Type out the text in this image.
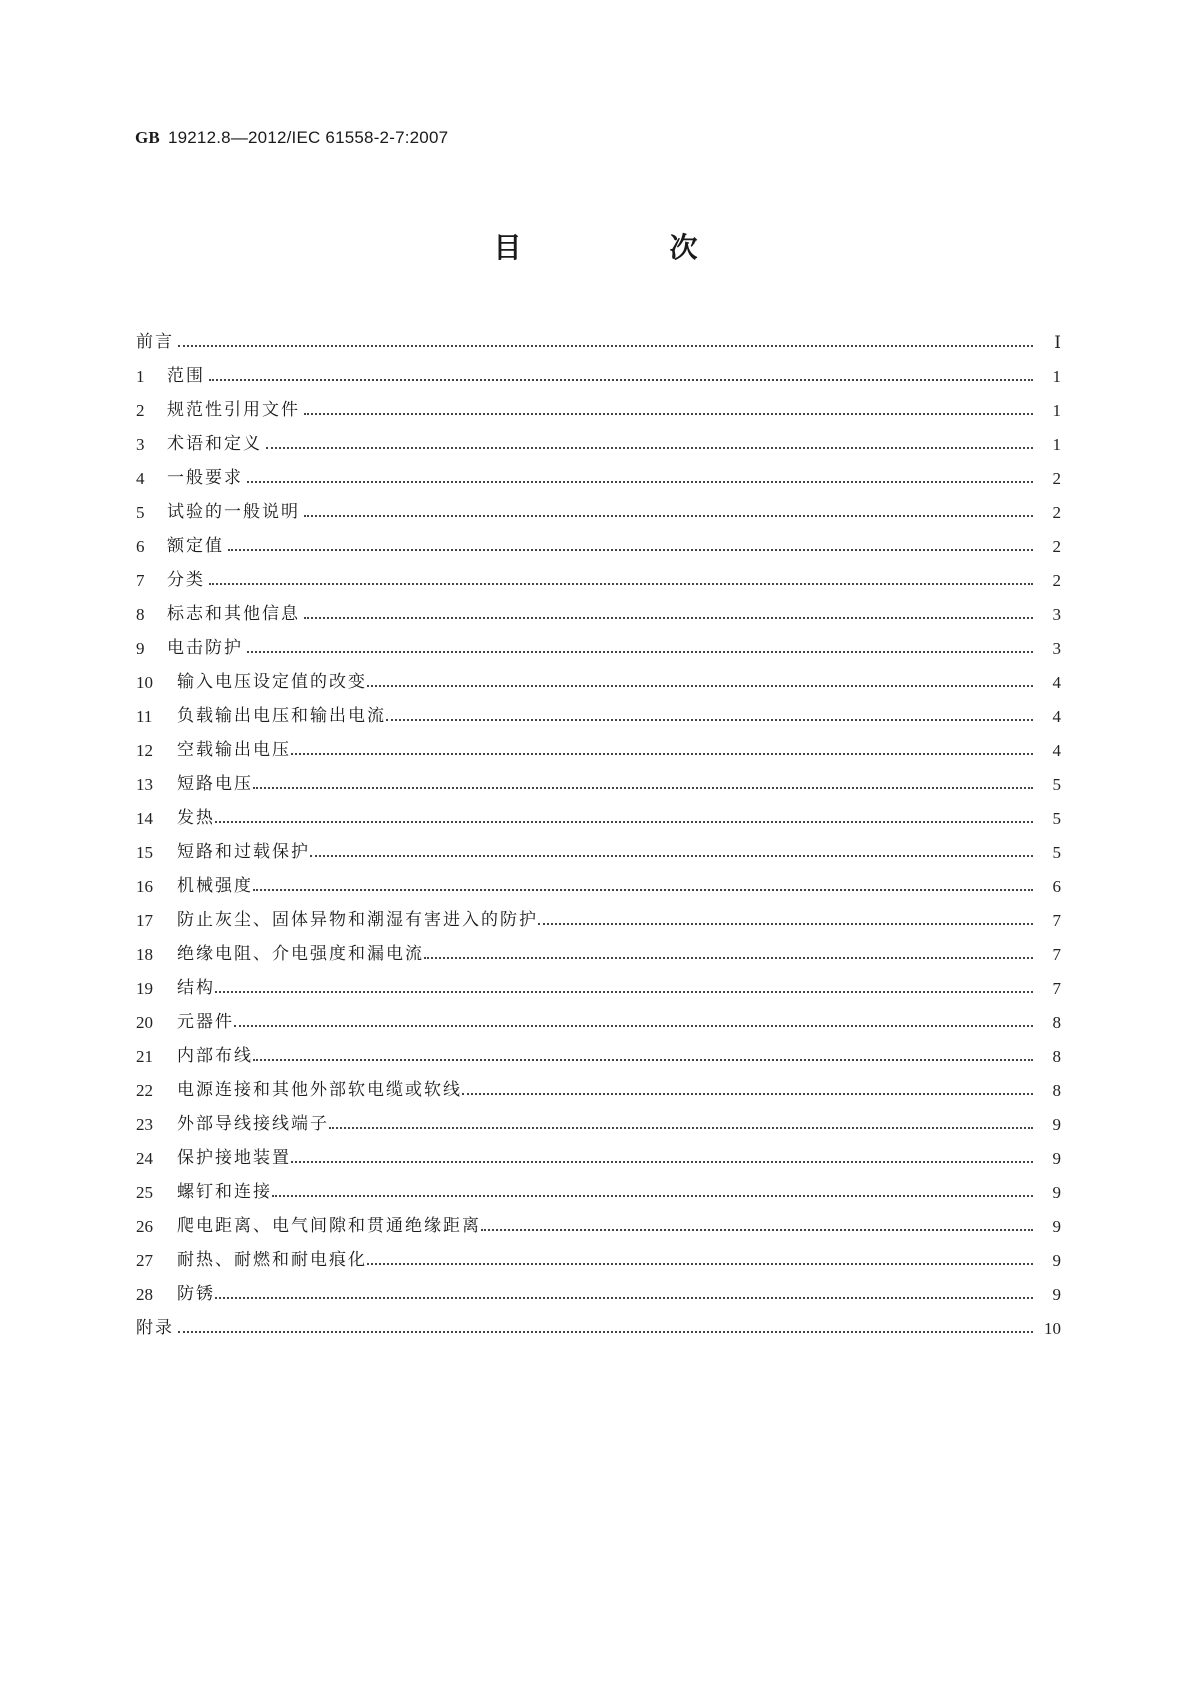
GB 19212.8—2012/IEC 61558-2-7:2007
目　次
前言	Ⅰ
1	范围	1
2	规范性引用文件	1
3	术语和定义	1
4	一般要求	2
5	试验的一般说明	2
6	额定值	2
7	分类	2
8	标志和其他信息	3
9	电击防护	3
10	输入电压设定值的改变	4
11	负载输出电压和输出电流	4
12	空载输出电压	4
13	短路电压	5
14	发热	5
15	短路和过载保护	5
16	机械强度	6
17	防止灰尘、固体异物和潮湿有害进入的防护	7
18	绝缘电阻、介电强度和漏电流	7
19	结构	7
20	元器件	8
21	内部布线	8
22	电源连接和其他外部软电缆或软线	8
23	外部导线接线端子	9
24	保护接地装置	9
25	螺钉和连接	9
26	爬电距离、电气间隙和贯通绝缘距离	9
27	耐热、耐燃和耐电痕化	9
28	防锈	9
附录	10
